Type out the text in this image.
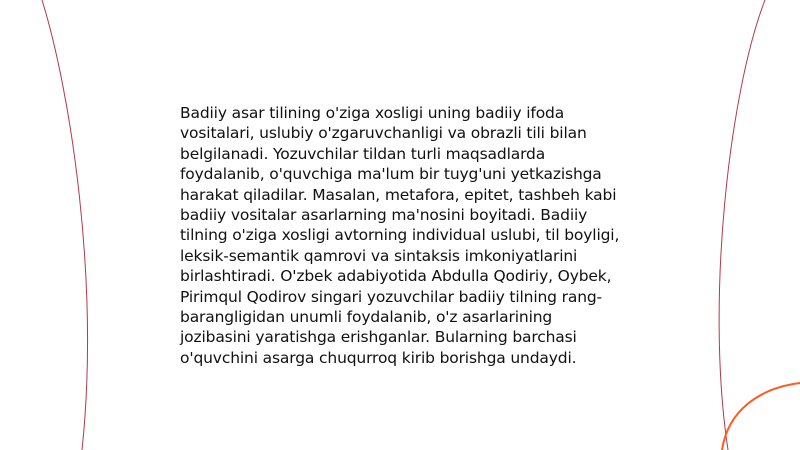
Badiiy asar tilining o'ziga xosligi uning badiiy ifoda vositalari, uslubiy o'zgaruvchanligi va obrazli tili bilan belgilanadi. Yozuvchilar tildan turli maqsadlarda foydalanib, o'quvchiga ma'lum bir tuyg'uni yetkazishga harakat qiladilar. Masalan, metafora, epitet, tashbeh kabi badiiy vositalar asarlarning ma'nosini boyitadi. Badiiy tilning o'ziga xosligi avtorning individual uslubi, til boyligi, leksik-semantik qamrovi va sintaksis imkoniyatlarini birlashtiradi. O'zbek adabiyotida Abdulla Qodiriy, Oybek, Pirimqul Qodirov singari yozuvchilar badiiy tilning rang-barangligidan unumli foydalanib, o'z asarlarining jozibasini yaratishga erishganlar. Bularning barchasi o'quvchini asarga chuqurroq kirib borishga undaydi.
